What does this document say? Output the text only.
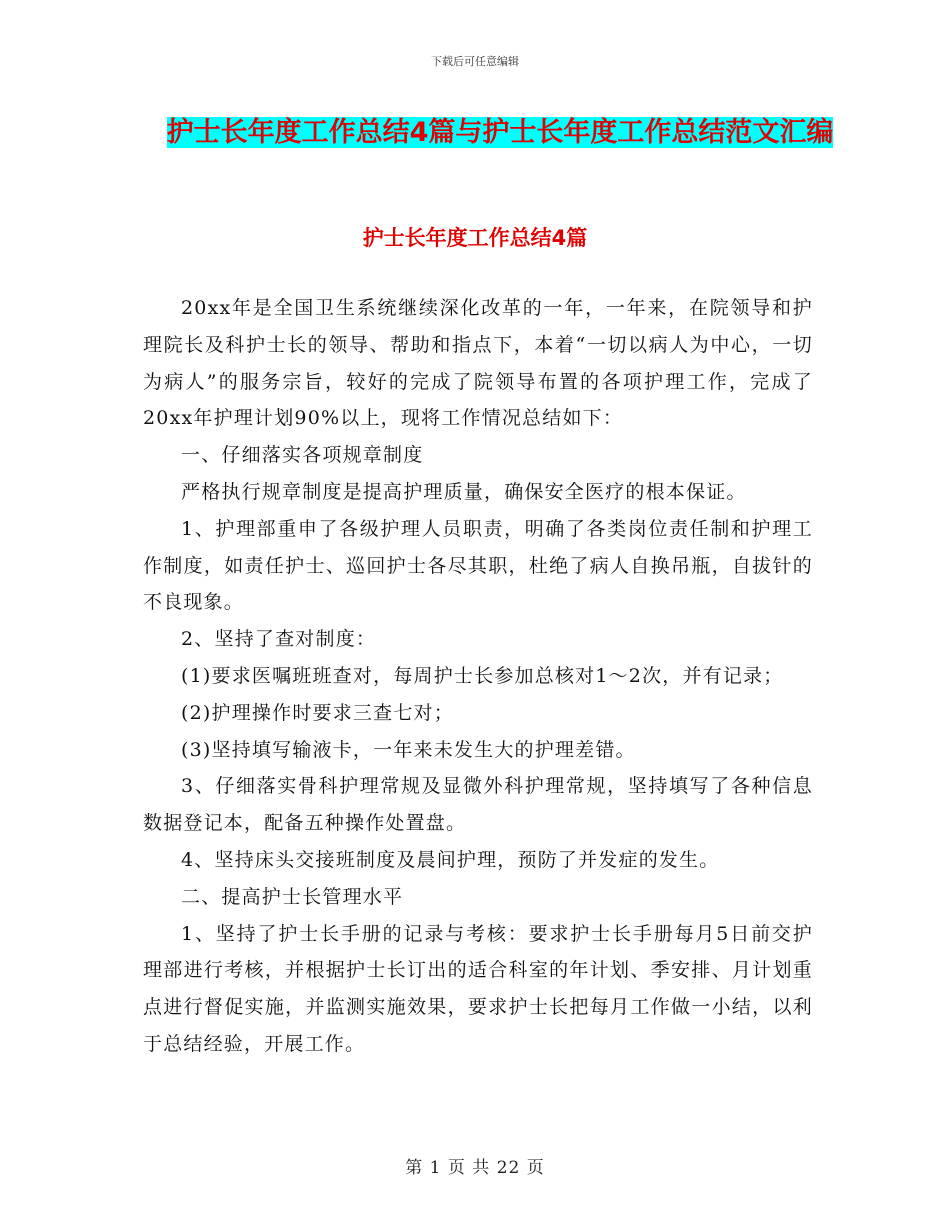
下载后可任意编辑
护士长年度工作总结4篇与护士长年度工作总结范文汇编
护士长年度工作总结4篇

20xx年是全国卫生系统继续深化改革的一年，一年来，在院领导和护理院长及科护士长的领导、帮助和指点下，本着“一切以病人为中心，一切为病人”的服务宗旨，较好的完成了院领导布置的各项护理工作，完成了20xx年护理计划90%以上，现将工作情况总结如下：

一、仔细落实各项规章制度

严格执行规章制度是提高护理质量，确保安全医疗的根本保证。

1、护理部重申了各级护理人员职责，明确了各类岗位责任制和护理工作制度，如责任护士、巡回护士各尽其职，杜绝了病人自换吊瓶，自拔针的不良现象。

2、坚持了查对制度：

(1)要求医嘱班班查对，每周护士长参加总核对1～2次，并有记录；

(2)护理操作时要求三查七对；

(3)坚持填写输液卡，一年来未发生大的护理差错。

3、仔细落实骨科护理常规及显微外科护理常规，坚持填写了各种信息数据登记本，配备五种操作处置盘。

4、坚持床头交接班制度及晨间护理，预防了并发症的发生。

二、提高护士长管理水平

1、坚持了护士长手册的记录与考核：要求护士长手册每月5日前交护理部进行考核，并根据护士长订出的适合科室的年计划、季安排、月计划重点进行督促实施，并监测实施效果，要求护士长把每月工作做一小结，以利于总结经验，开展工作。

第 1 页 共 22 页
